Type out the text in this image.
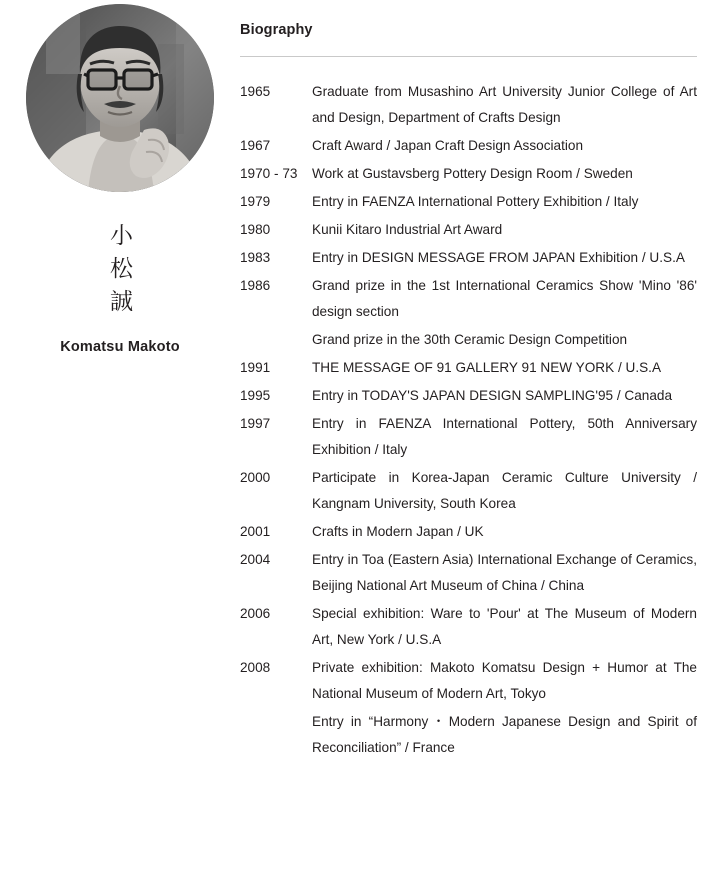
小
松
誠
Komatsu Makoto
Biography
1965	Graduate from Musashino Art University Junior College of Art and Design, Department of Crafts Design
1967	Craft Award / Japan Craft Design Association
1970 - 73	Work at Gustavsberg Pottery Design Room / Sweden
1979	Entry in FAENZA International Pottery Exhibition / Italy
1980	Kunii Kitaro Industrial Art Award
1983	Entry in DESIGN MESSAGE FROM JAPAN Exhibition / U.S.A
1986	Grand prize in the 1st International Ceramics Show 'Mino '86' design section
	Grand prize in the 30th Ceramic Design Competition
1991	THE MESSAGE OF 91 GALLERY 91 NEW YORK / U.S.A
1995	Entry in TODAY'S JAPAN DESIGN SAMPLING'95 / Canada
1997	Entry in FAENZA International Pottery, 50th Anniversary Exhibition / Italy
2000	Participate in Korea-Japan Ceramic Culture University / Kangnam University, South Korea
2001	Crafts in Modern Japan / UK
2004	Entry in Toa (Eastern Asia) International Exchange of Ceramics, Beijing National Art Museum of China / China
2006	Special exhibition: Ware to 'Pour' at The Museum of Modern Art, New York / U.S.A
2008	Private exhibition: Makoto Komatsu Design + Humor at The National Museum of Modern Art, Tokyo
	Entry in “Harmony・Modern Japanese Design and Spirit of Reconciliation” / France
